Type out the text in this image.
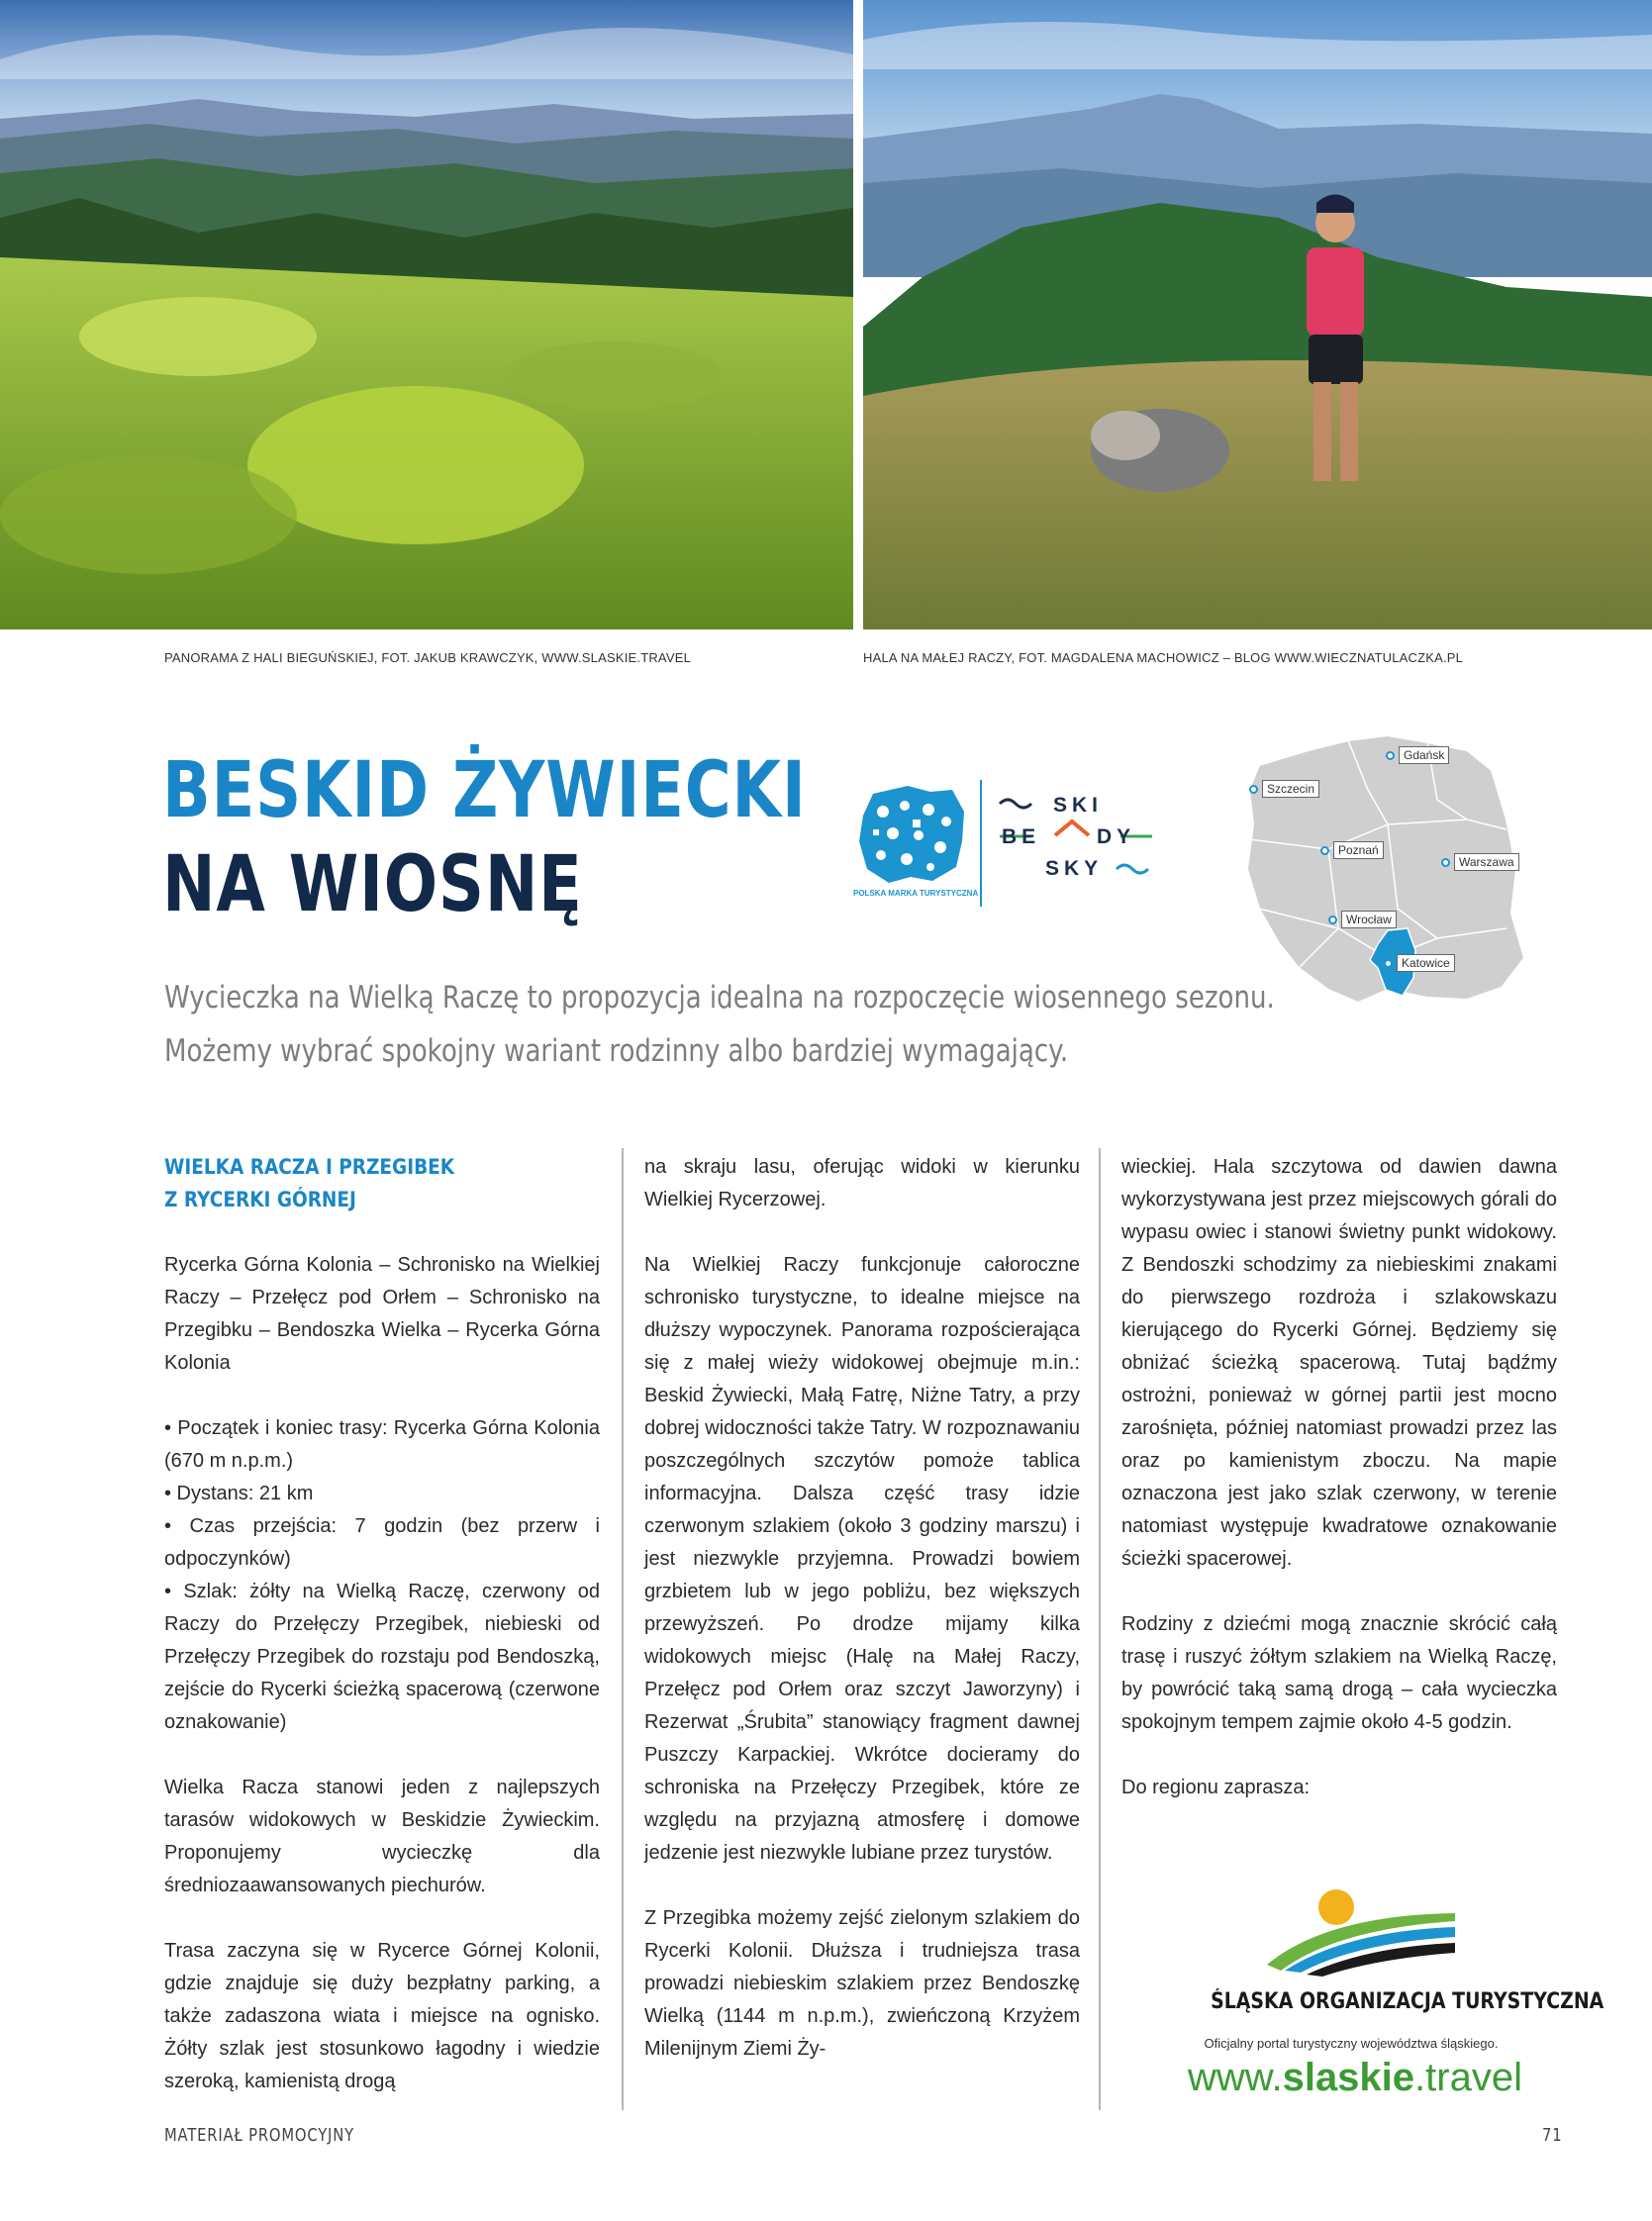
PANORAMA Z HALI BIEGUŃSKIEJ, FOT. JAKUB KRAWCZYK, WWW.SLASKIE.TRAVEL	HALA NA MAŁEJ RACZY, FOT. MAGDALENA MACHOWICZ – BLOG WWW.WIECZNATULACZKA.PL
BESKID ŻYWIECKI
NA WIOSNĘ
Wycieczka na Wielką Raczę to propozycja idealna na rozpoczęcie wiosennego sezonu.
Możemy wybrać spokojny wariant rodzinny albo bardziej wymagający.
POLSKA MARKA TURYSTYCZNA
SKI
BE	DY
SKY
Gdańsk
Szczecin
Poznań
Warszawa
Wrocław
Katowice
WIELKA RACZA I PRZEGIBEK
Z RYCERKI GÓRNEJ

Rycerka Górna Kolonia – Schronisko na Wielkiej Raczy – Przełęcz pod Orłem – Schronisko na Przegibku – Bendoszka Wielka – Rycerka Górna Kolonia

• Początek i koniec trasy: Rycerka Górna Kolonia (670 m n.p.m.)

• Dystans: 21 km

• Czas przejścia: 7 godzin (bez przerw i odpoczynków)

• Szlak: żółty na Wielką Raczę, czerwony od Raczy do Przełęczy Przegibek, niebieski od Przełęczy Przegibek do rozstaju pod Bendoszką, zejście do Rycerki ścieżką spacerową (czerwone oznakowanie)

Wielka Racza stanowi jeden z najlepszych tarasów widokowych w Beskidzie Żywieckim. Proponujemy wycieczkę dla średniozaawansowanych piechurów.

Trasa zaczyna się w Rycerce Górnej Kolonii, gdzie znajduje się duży bezpłatny parking, a także zadaszona wiata i miejsce na ognisko. Żółty szlak jest stosunkowo łagodny i wiedzie szeroką, kamienistą drogą

na skraju lasu, oferując widoki w kierunku Wielkiej Rycerzowej.

Na Wielkiej Raczy funkcjonuje całoroczne schronisko turystyczne, to idealne miejsce na dłuższy wypoczynek. Panorama rozpościerająca się z małej wieży widokowej obejmuje m.in.: Beskid Żywiecki, Małą Fatrę, Niżne Tatry, a przy dobrej widoczności także Tatry. W rozpoznawaniu poszczególnych szczytów pomoże tablica informacyjna. Dalsza część trasy idzie czerwonym szlakiem (około 3 godziny marszu) i jest niezwykle przyjemna. Prowadzi bowiem grzbietem lub w jego pobliżu, bez większych przewyższeń. Po drodze mijamy kilka widokowych miejsc (Halę na Małej Raczy, Przełęcz pod Orłem oraz szczyt Jaworzyny) i Rezerwat „Śrubita” stanowiący fragment dawnej Puszczy Karpackiej. Wkrótce docieramy do schroniska na Przełęczy Przegibek, które ze względu na przyjazną atmosferę i domowe jedzenie jest niezwykle lubiane przez turystów.

Z Przegibka możemy zejść zielonym szlakiem do Rycerki Kolonii. Dłuższa i trudniejsza trasa prowadzi niebieskim szlakiem przez Bendoszkę Wielką (1144 m n.p.m.), zwieńczoną Krzyżem Milenijnym Ziemi Ży-

wieckiej. Hala szczytowa od dawien dawna wykorzystywana jest przez miejscowych górali do wypasu owiec i stanowi świetny punkt widokowy. Z Bendoszki schodzimy za niebieskimi znakami do pierwszego rozdroża i szlakowskazu kierującego do Rycerki Górnej. Będziemy się obniżać ścieżką spacerową. Tutaj bądźmy ostrożni, ponieważ w górnej partii jest mocno zarośnięta, później natomiast prowadzi przez las oraz po kamienistym zboczu. Na mapie oznaczona jest jako szlak czerwony, w terenie natomiast występuje kwadratowe oznakowanie ścieżki spacerowej.

Rodziny z dziećmi mogą znacznie skrócić całą trasę i ruszyć żółtym szlakiem na Wielką Raczę, by powrócić taką samą drogą – cała wycieczka spokojnym tempem zajmie około 4-5 godzin.

Do regionu zaprasza:

ŚLĄSKA ORGANIZACJA TURYSTYCZNA
Oficjalny portal turystyczny województwa śląskiego.
www.slaskie.travel
MATERIAŁ PROMOCYJNY	71
